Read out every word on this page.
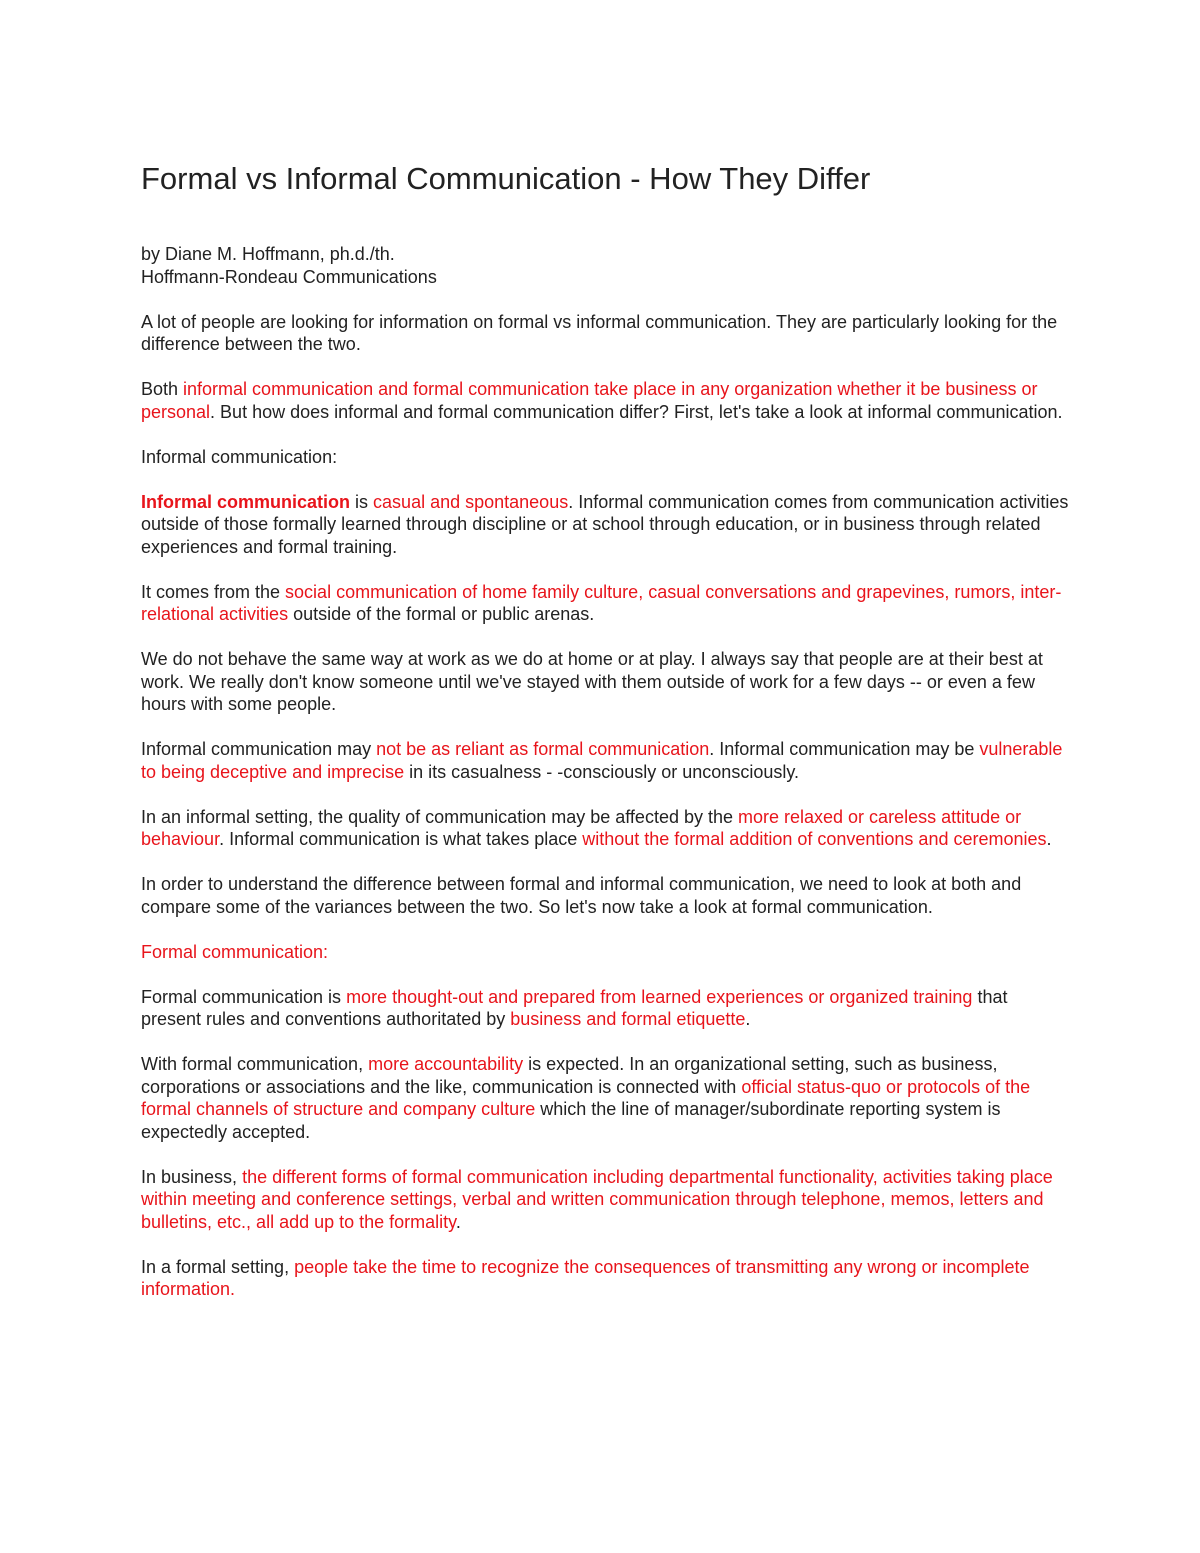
Formal vs Informal Communication - How They Differ
by Diane M. Hoffmann, ph.d./th.
Hoffmann-Rondeau Communications

A lot of people are looking for information on formal vs informal communication. They are particularly looking for the difference between the two.

Both informal communication and formal communication take place in any organization whether it be business or personal. But how does informal and formal communication differ? First, let's take a look at informal communication.

Informal communication:

Informal communication is casual and spontaneous. Informal communication comes from communication activities outside of those formally learned through discipline or at school through education, or in business through related experiences and formal training.

It comes from the social communication of home family culture, casual conversations and grapevines, rumors, inter-relational activities outside of the formal or public arenas.

We do not behave the same way at work as we do at home or at play. I always say that people are at their best at work. We really don't know someone until we've stayed with them outside of work for a few days -- or even a few hours with some people.

Informal communication may not be as reliant as formal communication. Informal communication may be vulnerable to being deceptive and imprecise in its casualness - -consciously or unconsciously.

In an informal setting, the quality of communication may be affected by the more relaxed or careless attitude or behaviour. Informal communication is what takes place without the formal addition of conventions and ceremonies.

In order to understand the difference between formal and informal communication, we need to look at both and compare some of the variances between the two. So let's now take a look at formal communication.

Formal communication:

Formal communication is more thought-out and prepared from learned experiences or organized training that present rules and conventions authoritated by business and formal etiquette.

With formal communication, more accountability is expected. In an organizational setting, such as business, corporations or associations and the like, communication is connected with official status-quo or protocols of the formal channels of structure and company culture which the line of manager/subordinate reporting system is expectedly accepted.

In business, the different forms of formal communication including departmental functionality, activities taking place within meeting and conference settings, verbal and written communication through telephone, memos, letters and bulletins, etc., all add up to the formality.

In a formal setting, people take the time to recognize the consequences of transmitting any wrong or incomplete information.
